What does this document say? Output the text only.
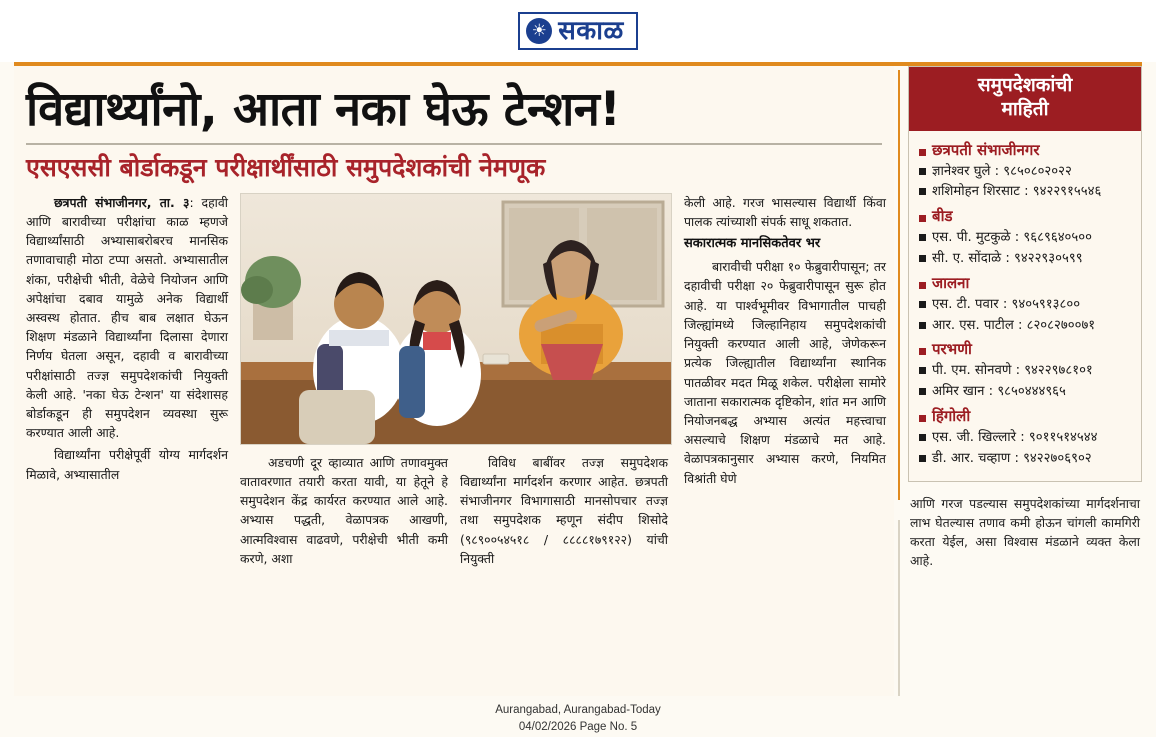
☀ सकाळ
विद्यार्थ्यांनो, आता नका घेऊ टेन्शन!
एसएससी बोर्डाकडून परीक्षार्थींसाठी समुपदेशकांची नेमणूक

छत्रपती संभाजीनगर, ता. ३: दहावी आणि बारावीच्या परीक्षांचा काळ म्हणजे विद्यार्थ्यांसाठी अभ्यासाबरोबरच मानसिक तणावाचाही मोठा टप्पा असतो. अभ्यासातील शंका, परीक्षेची भीती, वेळेचे नियोजन आणि अपेक्षांचा दबाव यामुळे अनेक विद्यार्थी अस्वस्थ होतात. हीच बाब लक्षात घेऊन शिक्षण मंडळाने विद्यार्थ्यांना दिलासा देणारा निर्णय घेतला असून, दहावी व बारावीच्या परीक्षांसाठी तज्ज्ञ समुपदेशकांची नियुक्ती केली आहे. 'नका घेऊ टेन्शन' या संदेशासह बोर्डाकडून ही समुपदेशन व्यवस्था सुरू करण्यात आली आहे.

विद्यार्थ्यांना परीक्षेपूर्वी योग्य मार्गदर्शन मिळावे, अभ्यासातील

अडचणी दूर व्हाव्यात आणि तणावमुक्त वातावरणात तयारी करता यावी, या हेतूने हे समुपदेशन केंद्र कार्यरत करण्यात आले आहे. अभ्यास पद्धती, वेळापत्रक आखणी, आत्मविश्वास वाढवणे, परीक्षेची भीती कमी करणे, अशा

विविध बाबींवर तज्ज्ञ समुपदेशक विद्यार्थ्यांना मार्गदर्शन करणार आहेत. छत्रपती संभाजीनगर विभागासाठी मानसोपचार तज्ज्ञ तथा समुपदेशक म्हणून संदीप शिसोदे (९८९००५४५१८ / ८८८८१७९१२२) यांची नियुक्ती

केली आहे. गरज भासल्यास विद्यार्थी किंवा पालक त्यांच्याशी संपर्क साधू शकतात.

सकारात्मक मानसिकतेवर भर

बारावीची परीक्षा १० फेब्रुवारीपासून; तर दहावीची परीक्षा २० फेब्रुवारीपासून सुरू होत आहे. या पार्श्वभूमीवर विभागातील पाचही जिल्ह्यांमध्ये जिल्हानिहाय समुपदेशकांची नियुक्ती करण्यात आली आहे, जेणेकरून प्रत्येक जिल्ह्यातील विद्यार्थ्यांना स्थानिक पातळीवर मदत मिळू शकेल. परीक्षेला सामोरे जाताना सकारात्मक दृष्टिकोन, शांत मन आणि नियोजनबद्ध अभ्यास अत्यंत महत्त्वाचा असल्याचे शिक्षण मंडळाचे मत आहे. वेळापत्रकानुसार अभ्यास करणे, नियमित विश्रांती घेणे

समुपदेशकांची
माहिती
छत्रपती संभाजीनगर
ज्ञानेश्वर घुले : ९८५०८०२०२२
शशिमोहन शिरसाट : ९४२२९१५५४६
बीड
एस. पी. मुटकुळे : ९६८९६४०५००
सी. ए. सोंदाळे : ९४२२९३०५९९
जालना
एस. टी. पवार : ९४०५९१३८००
आर. एस. पाटील : ८२०८२७००७१
परभणी
पी. एम. सोनवणे : ९४२२९७८१०१
अमिर खान : ९८५०४४४९६५
हिंगोली
एस. जी. खिल्लारे : ९०११५१४५४४
डी. आर. चव्हाण : ९४२२७०६९०२
आणि गरज पडल्यास समुपदेशकांच्या मार्गदर्शनाचा लाभ घेतल्यास तणाव कमी होऊन चांगली कामगिरी करता येईल, असा विश्वास मंडळाने व्यक्त केला आहे.
Aurangabad, Aurangabad-Today
04/02/2026 Page No. 5
